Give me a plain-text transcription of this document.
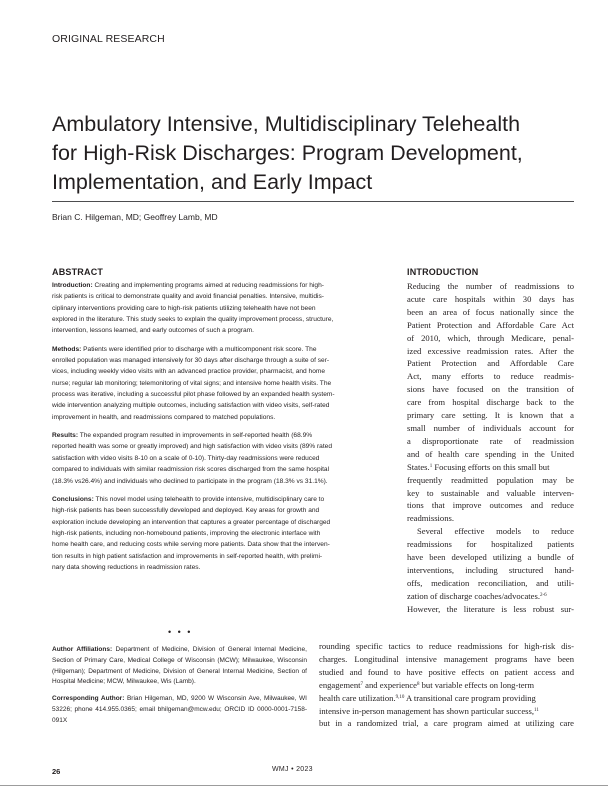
ORIGINAL RESEARCH
Ambulatory Intensive, Multidisciplinary Telehealth
for High-Risk Discharges: Program Development,
Implementation, and Early Impact
Brian C. Hilgeman, MD; Geoffrey Lamb, MD
ABSTRACT
Introduction: Creating and implementing programs aimed at reducing readmissions for high-
risk patients is critical to demonstrate quality and avoid financial penalties. Intensive, multidis-
ciplinary interventions providing care to high-risk patients utilizing telehealth have not been
explored in the literature. This study seeks to explain the quality improvement process, structure,
intervention, lessons learned, and early outcomes of such a program.
Methods: Patients were identified prior to discharge with a multicomponent risk score. The
enrolled population was managed intensively for 30 days after discharge through a suite of ser-
vices, including weekly video visits with an advanced practice provider, pharmacist, and home
nurse; regular lab monitoring; telemonitoring of vital signs; and intensive home health visits. The
process was iterative, including a successful pilot phase followed by an expanded health system-
wide intervention analyzing multiple outcomes, including satisfaction with video visits, self-rated
improvement in health, and readmissions compared to matched populations.
Results: The expanded program resulted in improvements in self-reported health (68.9%
reported health was some or greatly improved) and high satisfaction with video visits (89% rated
satisfaction with video visits 8-10 on a scale of 0-10). Thirty-day readmissions were reduced
compared to individuals with similar readmission risk scores discharged from the same hospital
(18.3% vs26.4%) and individuals who declined to participate in the program (18.3% vs 31.1%).
Conclusions: This novel model using telehealth to provide intensive, multidisciplinary care to
high-risk patients has been successfully developed and deployed. Key areas for growth and
exploration include developing an intervention that captures a greater percentage of discharged
high-risk patients, including non-homebound patients, improving the electronic interface with
home health care, and reducing costs while serving more patients. Data show that the interven-
tion results in high patient satisfaction and improvements in self-reported health, with prelimi-
nary data showing reductions in readmission rates.
• • •
Author Affiliations: Department of Medicine, Division of General Internal Medicine, Section of Primary Care, Medical College of Wisconsin (MCW); Milwaukee, Wisconsin (Hilgeman); Department of Medicine, Division of General Internal Medicine, Section of Hospital Medicine; MCW, Milwaukee, Wis (Lamb).
Corresponding Author: Brian Hilgeman, MD, 9200 W Wisconsin Ave, Milwaukee, WI 53226; phone 414.955.0365; email bhilgeman@mcw.edu; ORCID ID 0000-0001-7158-091X
INTRODUCTION
Reducing the number of readmissions to
acute care hospitals within 30 days has
been an area of focus nationally since the
Patient Protection and Affordable Care Act
of 2010, which, through Medicare, penal-
ized excessive readmission rates. After the
Patient Protection and Affordable Care
Act, many efforts to reduce readmis-
sions have focused on the transition of
care from hospital discharge back to the
primary care setting. It is known that a
small number of individuals account for
a disproportionate rate of readmission
and of health care spending in the United
States.$^1$ Focusing efforts on this small but
frequently readmitted population may be
key to sustainable and valuable interven-
tions that improve outcomes and reduce
readmissions.
Several effective models to reduce
readmissions for hospitalized patients
have been developed utilizing a bundle of
interventions, including structured hand-
offs, medication reconciliation, and utili-
zation of discharge coaches/advocates.$^{2-6}$
However, the literature is less robust sur-
rounding specific tactics to reduce readmissions for high-risk dis-
charges. Longitudinal intensive management programs have been
studied and found to have positive effects on patient access and
engagement$^7$ and experience$^8$ but variable effects on long-term
health care utilization.$^{9,10}$ A transitional care program providing
intensive in-person management has shown particular success,$^{11}$
but in a randomized trial, a care program aimed at utilizing care
26	WMJ • 2023
